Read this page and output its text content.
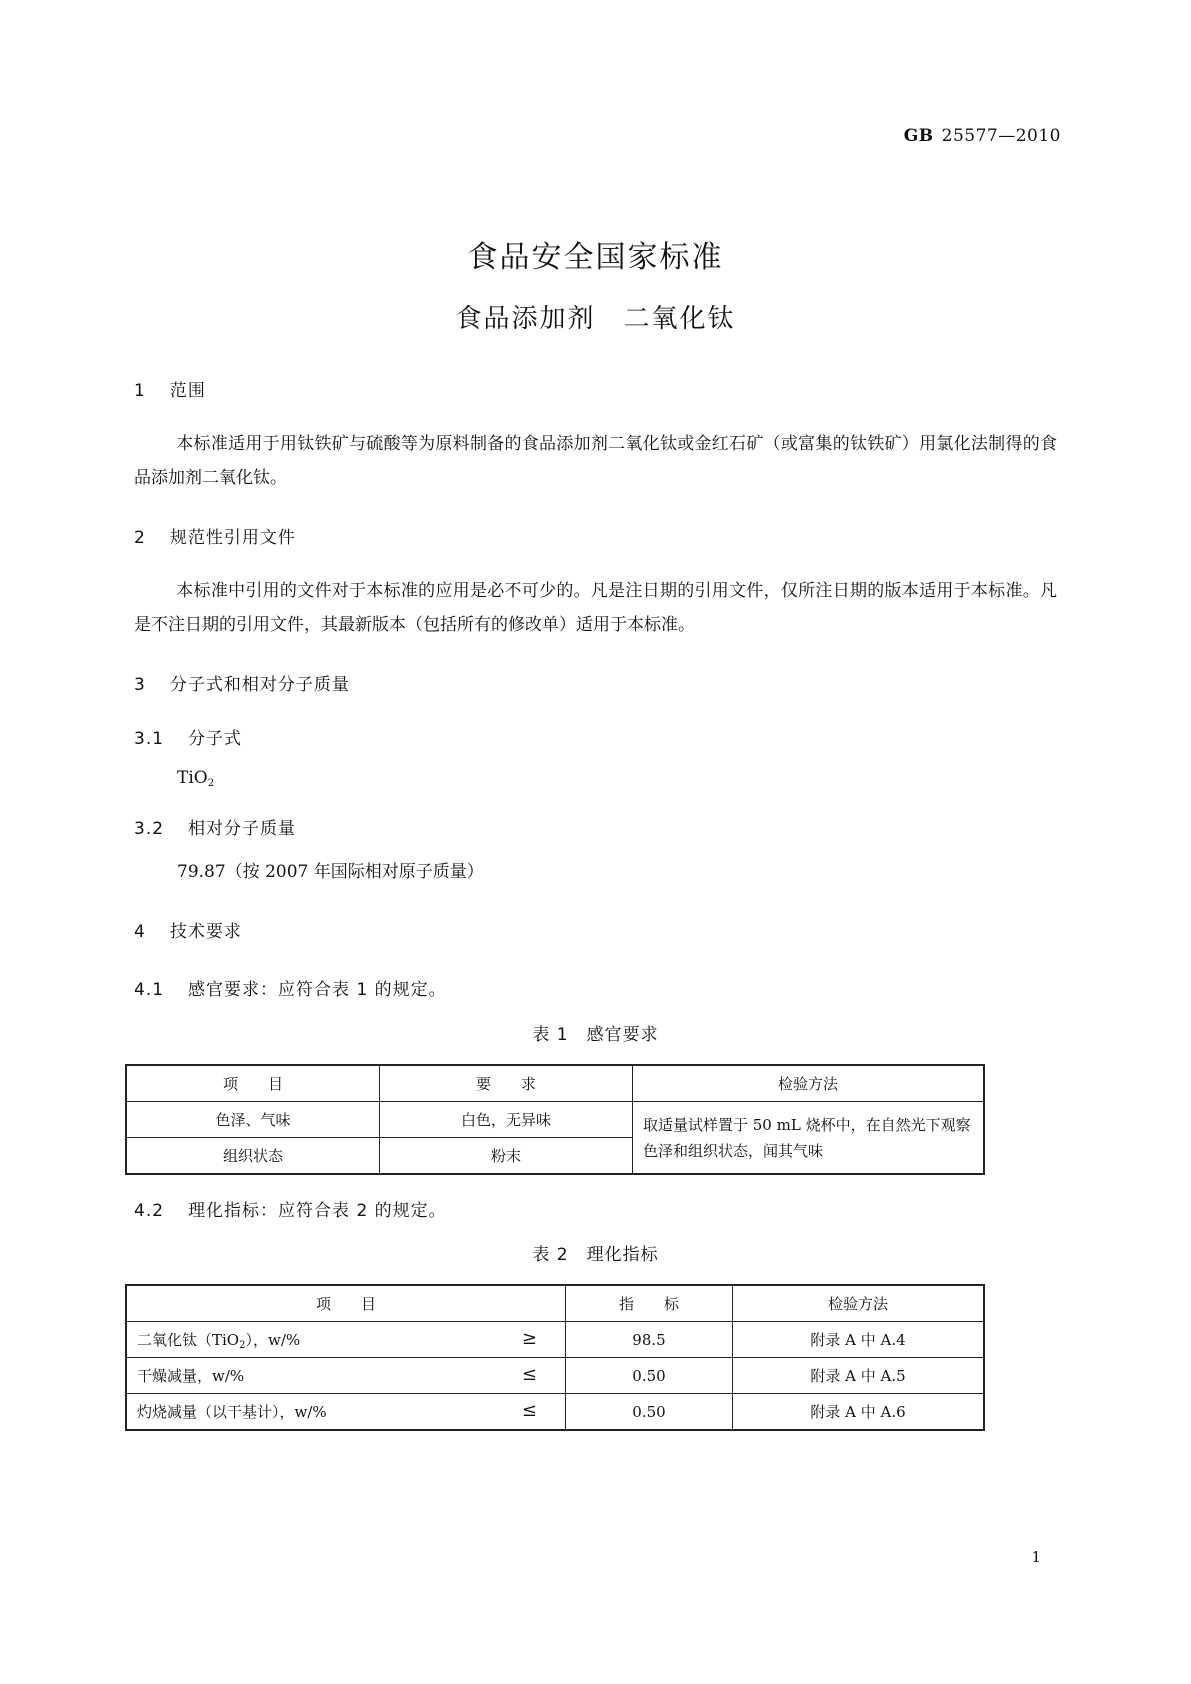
GB 25577—2010
食品安全国家标准
食品添加剂　二氧化钛
1 范围
本标准适用于用钛铁矿与硫酸等为原料制备的食品添加剂二氧化钛或金红石矿（或富集的钛铁矿）用氯化法制得的食品添加剂二氧化钛。
2 规范性引用文件
本标准中引用的文件对于本标准的应用是必不可少的。凡是注日期的引用文件，仅所注日期的版本适用于本标准。凡是不注日期的引用文件，其最新版本（包括所有的修改单）适用于本标准。
3 分子式和相对分子质量
3.1 分子式
TiO$_2$
3.2 相对分子质量
79.87（按 2007 年国际相对原子质量）
4 技术要求
4.1 感官要求：应符合表 1 的规定。
表 1　感官要求
项　　目	要　　求	检验方法
色泽、气味	白色，无异味	取适量试样置于 50 mL 烧杯中，在自然光下观察色泽和组织状态，闻其气味
组织状态	粉末	
4.2 理化指标：应符合表 2 的规定。
表 2　理化指标
项　　目	指　　标	检验方法
二氧化钛（TiO$_2$），w/% ≥	98.5	附录 A 中 A.4
干燥减量，w/% ≤	0.50	附录 A 中 A.5
灼烧减量（以干基计），w/% ≤	0.50	附录 A 中 A.6
1
